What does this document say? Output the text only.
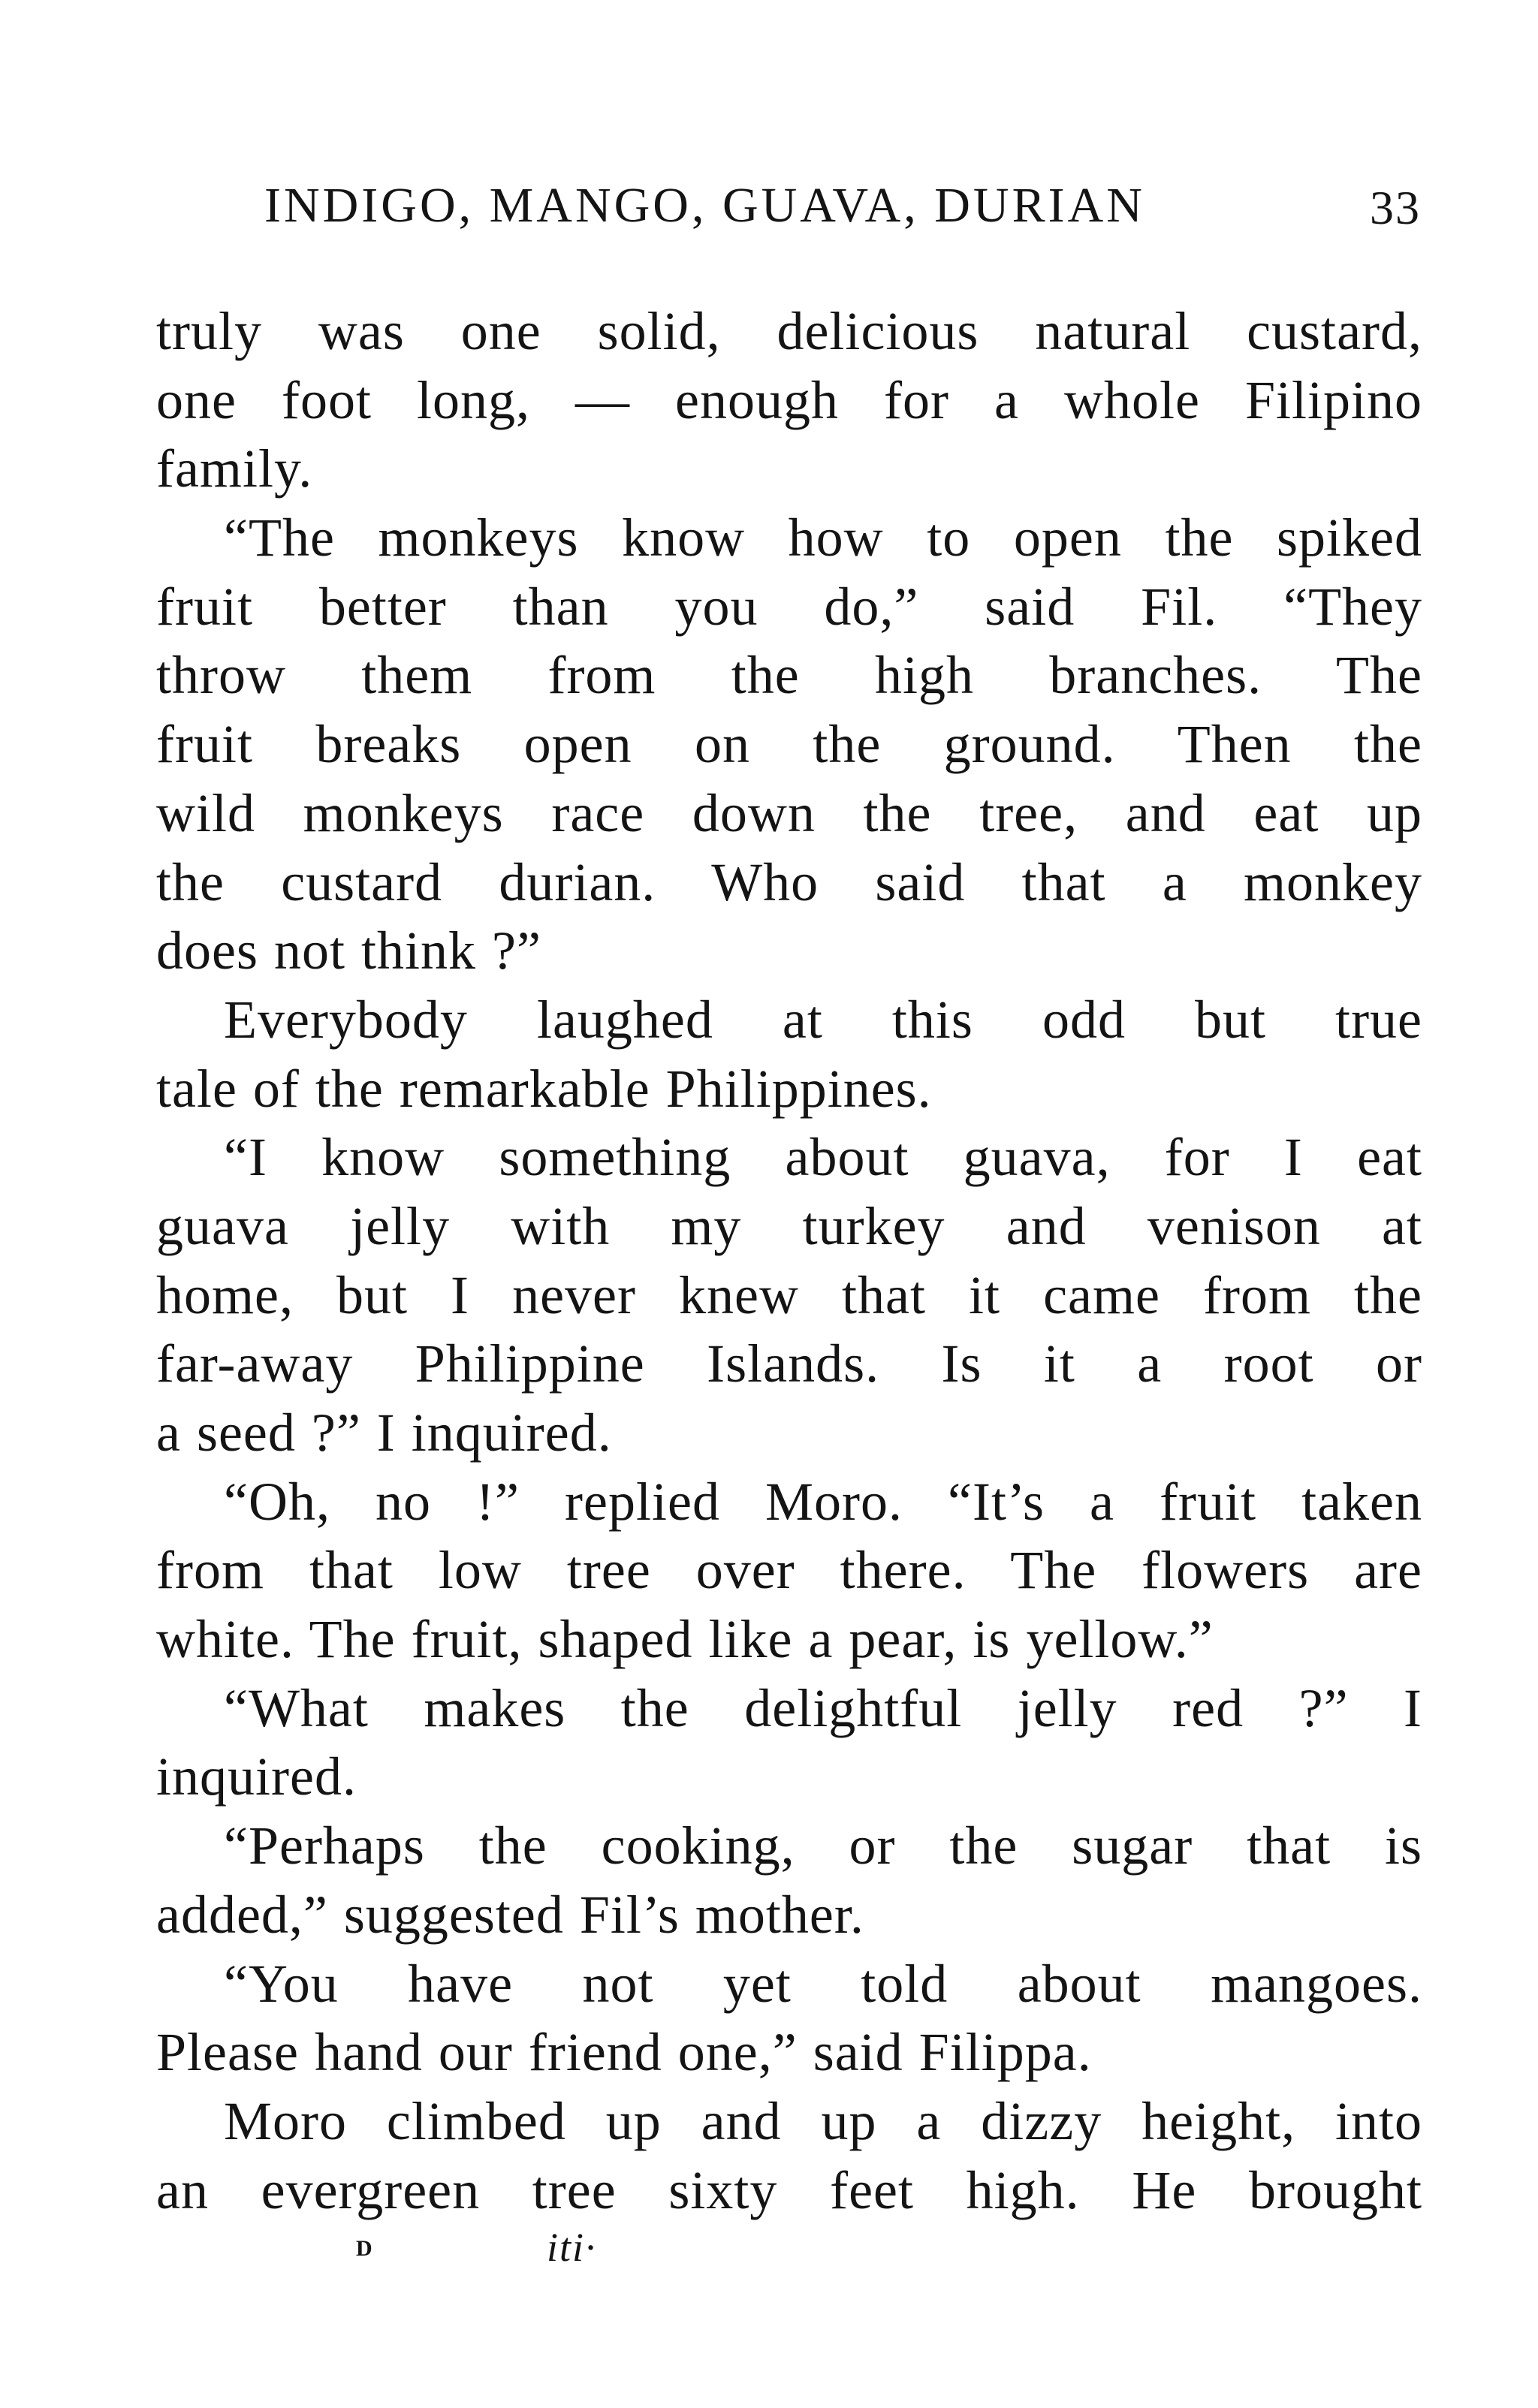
INDIGO, MANGO, GUAVA, DURIAN	33
truly was one solid, delicious natural custard,
one foot long, — enough for a whole Filipino
family.
“The monkeys know how to open the spiked
fruit better than you do,” said Fil. “They
throw them from the high branches. The
fruit breaks open on the ground. Then the
wild monkeys race down the tree, and eat up
the custard durian. Who said that a monkey
does not think ?”
Everybody laughed at this odd but true
tale of the remarkable Philippines.
“I know something about guava, for I eat
guava jelly with my turkey and venison at
home, but I never knew that it came from the
far-away Philippine Islands. Is it a root or
a seed ?” I inquired.
“Oh, no !” replied Moro. “It’s a fruit taken
from that low tree over there. The flowers are
white. The fruit, shaped like a pear, is yellow.”
“What makes the delightful jelly red ?” I
inquired.
“Perhaps the cooking, or the sugar that is
added,” suggested Fil’s mother.
“You have not yet told about mangoes.
Please hand our friend one,” said Filippa.
Moro climbed up and up a dizzy height, into
an evergreen tree sixty feet high. He brought
D	iti·
